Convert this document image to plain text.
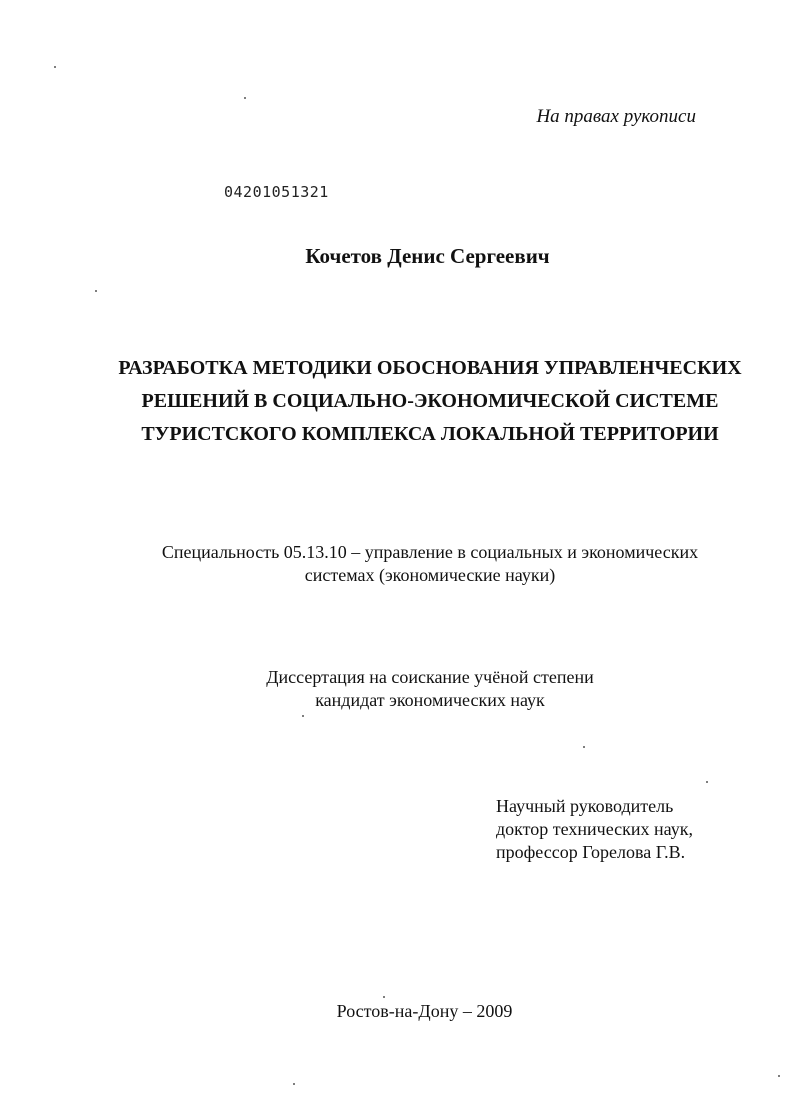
На правах рукописи
04201051321
Кочетов Денис Сергеевич
РАЗРАБОТКА МЕТОДИКИ ОБОСНОВАНИЯ УПРАВЛЕНЧЕСКИХ
РЕШЕНИЙ В СОЦИАЛЬНО-ЭКОНОМИЧЕСКОЙ СИСТЕМЕ
ТУРИСТСКОГО КОМПЛЕКСА ЛОКАЛЬНОЙ ТЕРРИТОРИИ
Специальность 05.13.10 – управление в социальных и экономических
системах (экономические науки)
Диссертация на соискание учёной степени
кандидат экономических наук
Научный руководитель
доктор технических наук,
профессор Горелова Г.В.
Ростов-на-Дону – 2009
